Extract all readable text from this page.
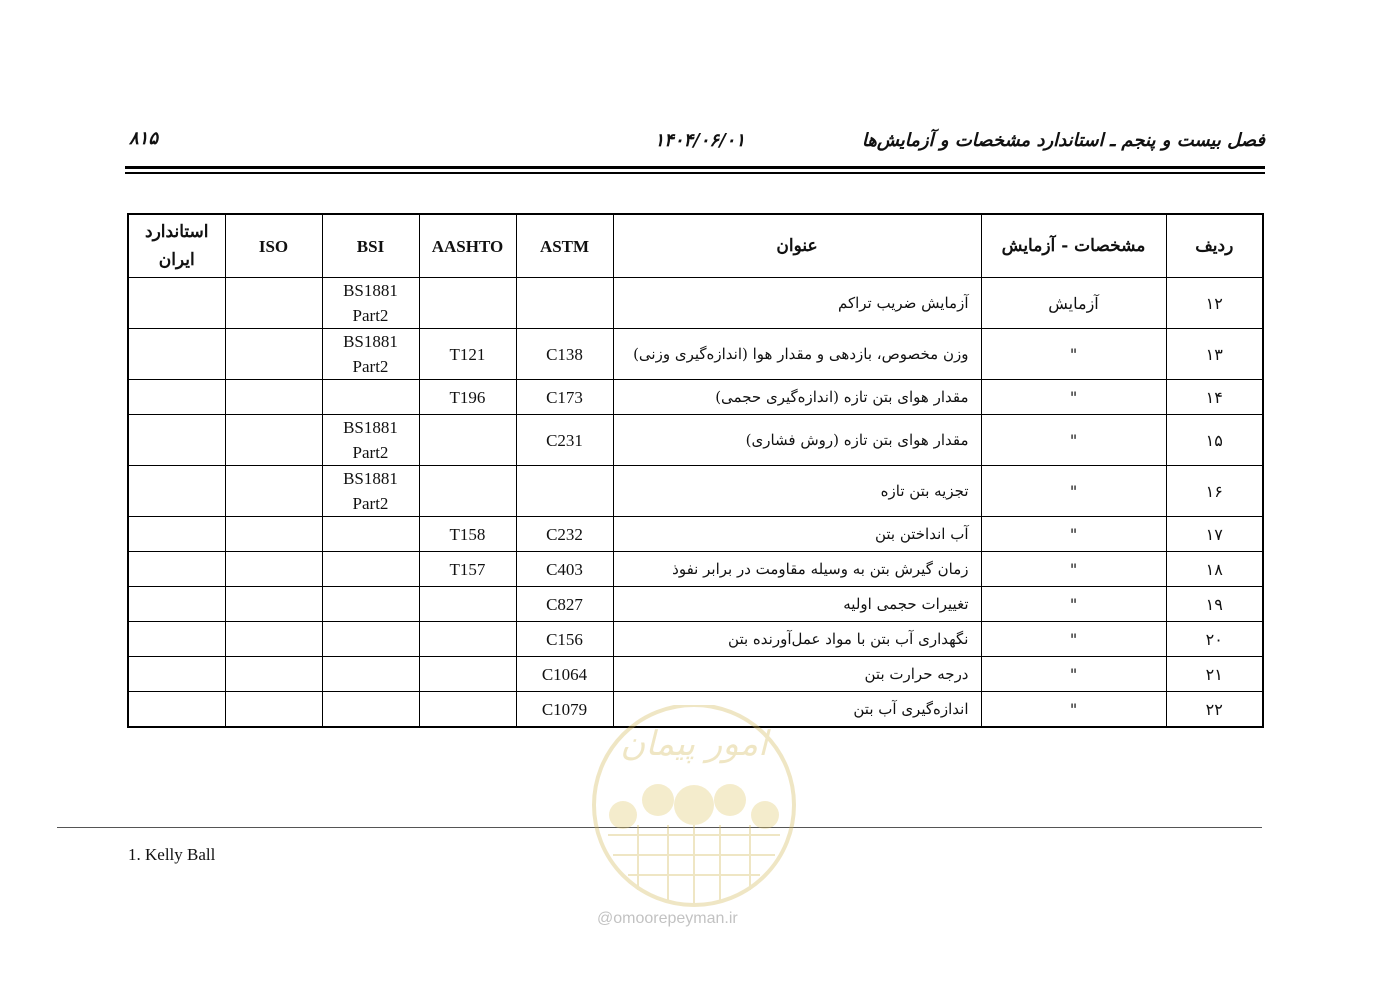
فصل بیست و پنجم ـ استاندارد مشخصات و آزمایش‌ها
۱۴۰۴/۰۶/۰۱
۸۱۵
ردیف	مشخصات - آزمایش	عنوان	ASTM	AASHTO	BSI	ISO	استاندارد
ایران
۱۲	آزمایش	آزمایش ضریب تراکم			BS1881
Part2		
۱۳	"	وزن مخصوص، بازدهی و مقدار هوا (اندازه‌گیری وزنی)	C138	T121	BS1881
Part2		
۱۴	"	مقدار هوای بتن تازه (اندازه‌گیری حجمی)	C173	T196			
۱۵	"	مقدار هوای بتن تازه (روش فشاری)	C231		BS1881
Part2		
۱۶	"	تجزیه بتن تازه			BS1881
Part2		
۱۷	"	آب انداختن بتن	C232	T158			
۱۸	"	زمان گیرش بتن به وسیله مقاومت در برابر نفوذ	C403	T157			
۱۹	"	تغییرات حجمی اولیه	C827				
۲۰	"	نگهداری آب بتن با مواد عمل‌آورنده بتن	C156				
۲۱	"	درجه حرارت بتن	C1064				
۲۲	"	اندازه‌گیری آب بتن	C1079				
1. Kelly Ball
امور پیمان
@omoorepeyman.ir
